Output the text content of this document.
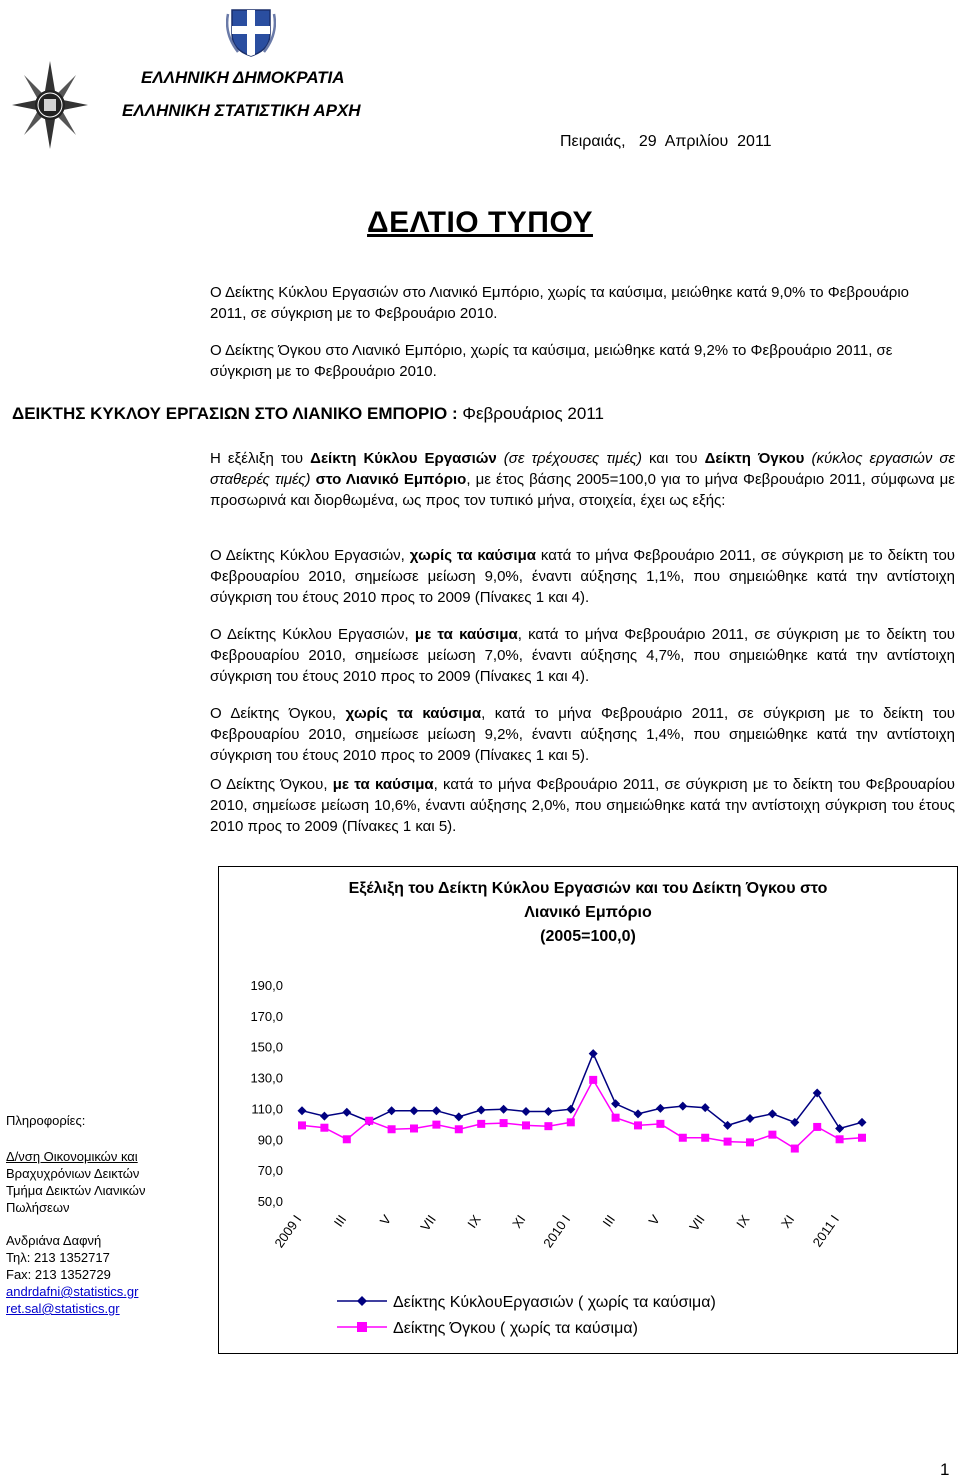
ΕΛΛΗΝΙΚΗ ΔΗΜΟΚΡΑΤΙΑ
ΕΛΛΗΝΙΚΗ ΣΤΑΤΙΣΤΙΚΗ ΑΡΧΗ
Πειραιάς,   29  Απριλίου  2011
ΔΕΛΤΙΟ ΤΥΠΟΥ
Ο Δείκτης Κύκλου Εργασιών στο Λιανικό Εμπόριο, χωρίς τα καύσιμα, μειώθηκε κατά 9,0% το Φεβρουάριο 2011, σε σύγκριση με το Φεβρουάριο 2010.
Ο Δείκτης Όγκου στο Λιανικό Εμπόριο, χωρίς τα καύσιμα, μειώθηκε κατά 9,2% το Φεβρουάριο 2011, σε σύγκριση με το Φεβρουάριο 2010.
ΔΕΙΚΤΗΣ ΚΥΚΛΟΥ ΕΡΓΑΣΙΩΝ ΣΤΟ ΛΙΑΝΙΚΟ ΕΜΠΟΡΙΟ : Φεβρουάριος 2011
Η εξέλιξη του Δείκτη Κύκλου Εργασιών (σε τρέχουσες τιμές) και του Δείκτη Όγκου (κύκλος εργασιών σε σταθερές τιμές) στο Λιανικό Εμπόριο, με έτος βάσης 2005=100,0 για το μήνα Φεβρουάριο 2011, σύμφωνα με προσωρινά και διορθωμένα, ως προς τον τυπικό μήνα, στοιχεία, έχει ως εξής:
Ο Δείκτης Κύκλου Εργασιών, χωρίς τα καύσιμα κατά το μήνα Φεβρουάριο 2011, σε σύγκριση με το δείκτη του Φεβρουαρίου 2010, σημείωσε μείωση 9,0%, έναντι αύξησης 1,1%, που σημειώθηκε κατά την αντίστοιχη σύγκριση του έτους 2010 προς το 2009 (Πίνακες 1 και 4).
Ο Δείκτης Κύκλου Εργασιών, με τα καύσιμα, κατά το μήνα Φεβρουάριο 2011, σε σύγκριση με το δείκτη του Φεβρουαρίου 2010, σημείωσε μείωση 7,0%, έναντι αύξησης 4,7%, που σημειώθηκε κατά την αντίστοιχη σύγκριση του έτους 2010 προς το 2009 (Πίνακες 1 και 4).
Ο Δείκτης Όγκου, χωρίς τα καύσιμα, κατά το μήνα Φεβρουάριο 2011, σε σύγκριση με το δείκτη του Φεβρουαρίου 2010, σημείωσε μείωση 9,2%, έναντι αύξησης 1,4%, που σημειώθηκε κατά την αντίστοιχη σύγκριση του έτους 2010 προς το 2009 (Πίνακες 1 και 5).
Ο Δείκτης Όγκου, με τα καύσιμα, κατά το μήνα Φεβρουάριο 2011, σε σύγκριση με το δείκτη του Φεβρουαρίου 2010, σημείωσε μείωση 10,6%, έναντι αύξησης 2,0%, που σημειώθηκε κατά την αντίστοιχη σύγκριση του έτους 2010 προς το 2009 (Πίνακες 1 και 5).
Εξέλιξη του Δείκτη Κύκλου Εργασιών και του Δείκτη Όγκου στο
Λιανικό Εμπόριο
(2005=100,0)
190,0
170,0
150,0
130,0
110,0
90,0
70,0
50,0
2009 I III V VII IX XI 2010 I III V VII IX XI 2011 I
Δείκτης ΚύκλουΕργασιών ( χωρίς τα καύσιμα)
Δείκτης Όγκου ( χωρίς τα καύσιμα)
Πληροφορίες:
Δ/νση Οικονομικών και
Βραχυχρόνιων Δεικτών
Τμήμα Δεικτών Λιανικών
Πωλήσεων
Ανδριάνα Δαφνή
Τηλ: 213 1352717
Fax: 213 1352729
andrdafni@statistics.gr
ret.sal@statistics.gr
1
